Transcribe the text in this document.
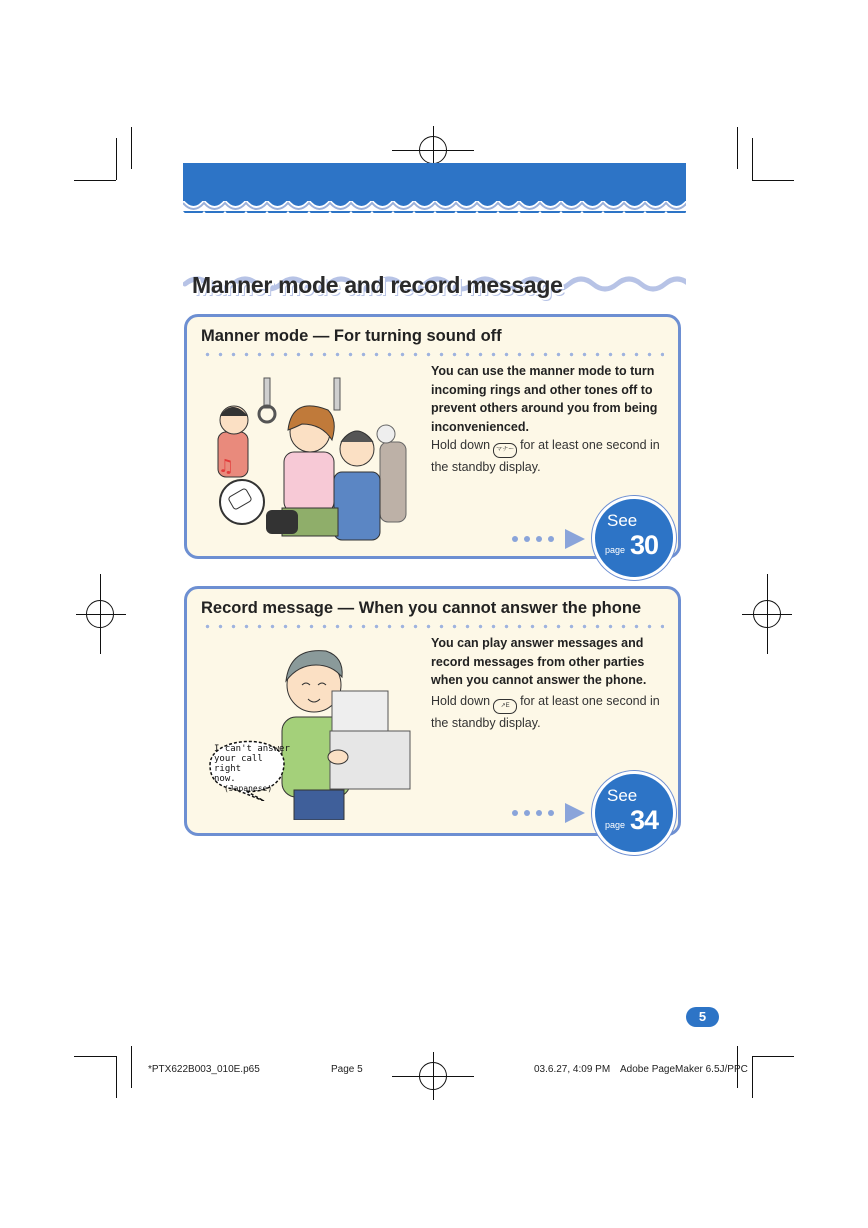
Manner mode and record message
Manner mode — For turning sound off
♫
You can use the manner mode to turn incoming rings and other tones off to prevent others around you from being inconvenienced.
Hold down マナー for at least one second in the standby display.
See
page 30
Record message — When you cannot answer the phone
I can't answer
your call right
now.
(Japanese)
You can play answer messages and record messages from other parties when you cannot answer the phone.
Hold down ↗E for at least one second in the standby display.
See
page 34
5
*PTX622B003_010E.p65	Page 5	03.6.27, 4:09 PM Adobe PageMaker 6.5J/PPC
